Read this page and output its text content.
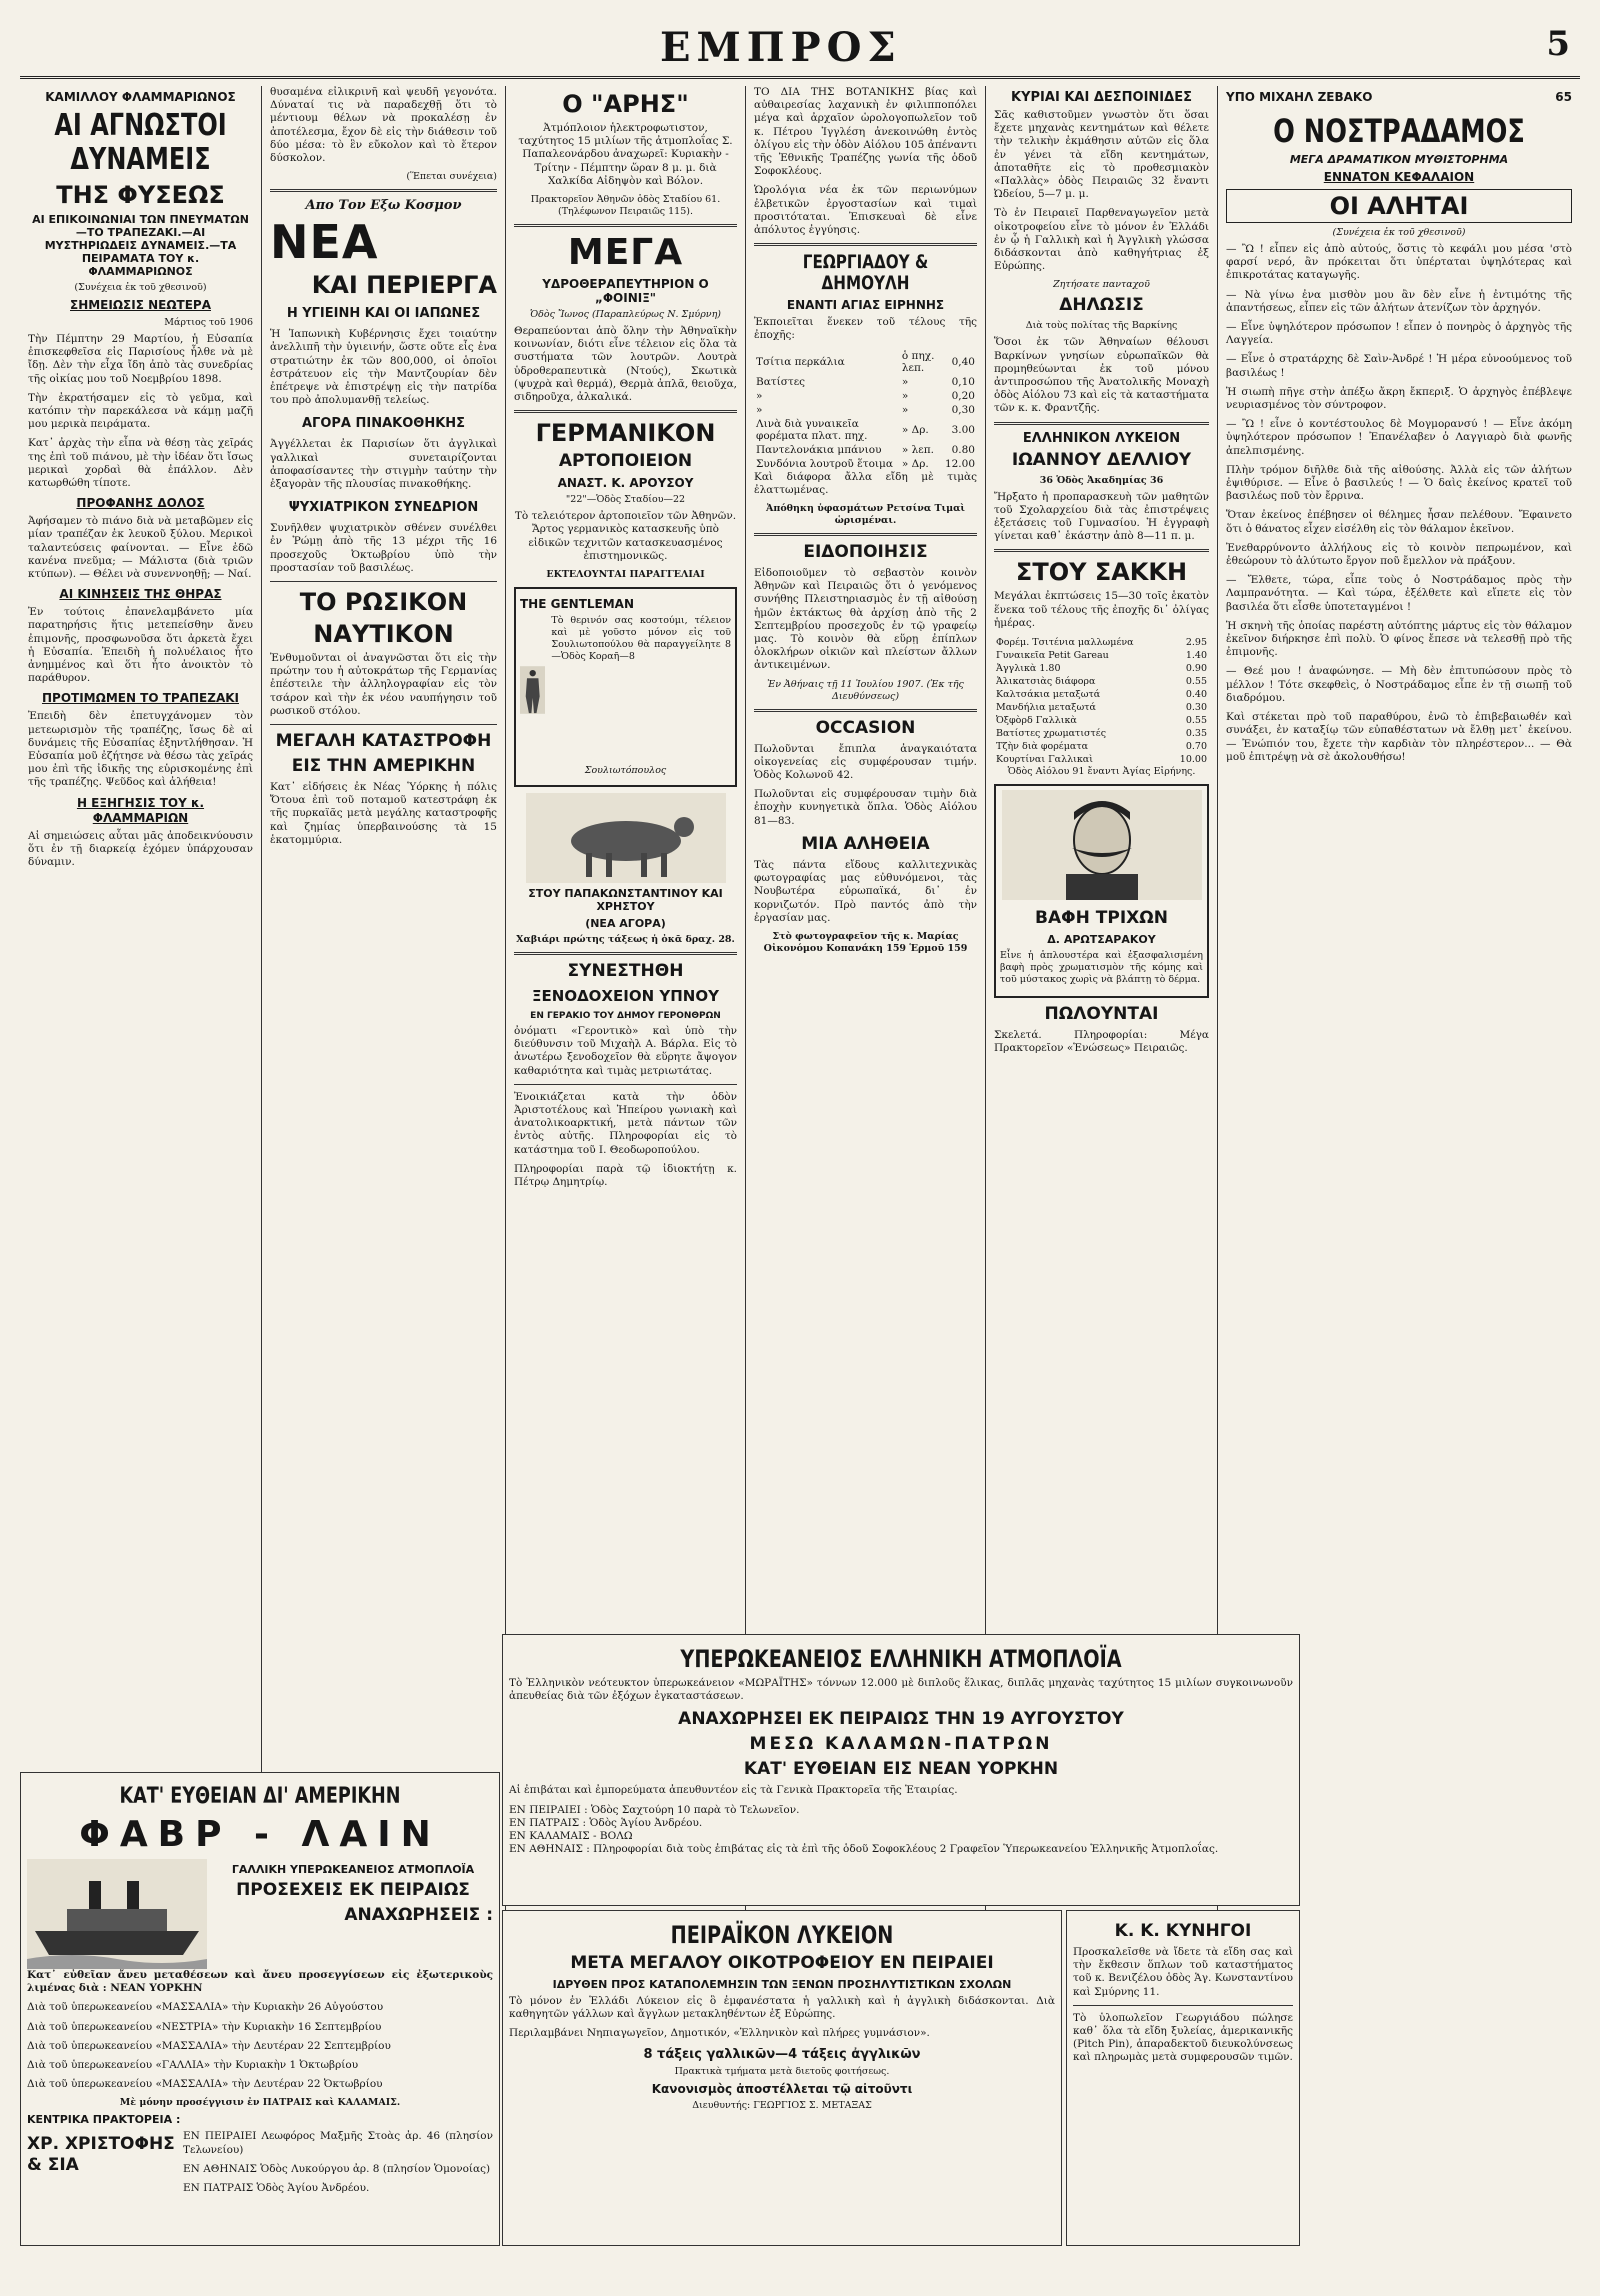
ΕΜΠΡΟΣ	5
ΚΑΜΙΛΛΟΥ ΦΛΑΜΜΑΡΙΩΝΟΣ
ΑΙ ΑΓΝΩΣΤΟΙ ΔΥΝΑΜΕΙΣ
ΤΗΣ ΦΥΣΕΩΣ
ΑΙ ΕΠΙΚΟΙΝΩΝΙΑΙ ΤΩΝ ΠΝΕΥΜΑΤΩΝ —ΤΟ ΤΡΑΠΕΖΑΚΙ.—ΑΙ ΜΥΣΤΗΡΙΩΔΕΙΣ ΔΥΝΑΜΕΙΣ.—ΤΑ ΠΕΙΡΑΜΑΤΑ ΤΟΥ κ. ΦΛΑΜΜΑΡΙΩΝΟΣ

(Συνέχεια ἐκ τοῦ χθεσινοῦ)

ΣΗΜΕΙΩΣΙΣ ΝΕΩΤΕΡΑ

Μάρτιος τοῦ 1906

Τὴν Πέμπτην 29 Μαρτίου, ἡ Εὐσαπία ἐπισκεφθεῖσα εἰς Παρισίους ἦλθε νὰ μὲ ἴδῃ. Δὲν τὴν εἶχα ἴδη ἀπὸ τὰς συνεδρίας τῆς οἰκίας μου τοῦ Νοεμβρίου 1898.

Τὴν ἐκρατήσαμεν εἰς τὸ γεῦμα, καὶ κατόπιν τὴν παρεκάλεσα νὰ κάμῃ μαζῆ μου μερικὰ πειράματα.

Κατ᾽ ἀρχὰς τὴν εἶπα νὰ θέσῃ τὰς χεῖράς της ἐπὶ τοῦ πιάνου, μὲ τὴν ἰδέαν ὅτι ἴσως μερικαὶ χορδαὶ θὰ ἐπάλλον. Δὲν κατωρθώθη τίποτε.

ΠΡΟΦΑΝΗΣ ΔΟΛΟΣ

Ἀφήσαμεν τὸ πιάνο διὰ νὰ μεταβῶμεν εἰς μίαν τραπέζαν ἐκ λευκοῦ ξύλου. Μερικοὶ ταλαντεύσεις φαίνονται. — Εἶνε ἐδῶ κανένα πνεῦμα; — Μάλιστα (διὰ τριῶν κτύπων). — Θέλει νὰ συνεννοηθῇ; — Ναί.

ΑΙ ΚΙΝΗΣΕΙΣ ΤΗΣ ΘΗΡΑΣ

Ἐν τούτοις ἐπανελαμβάνετο μία παρατηρήσις ἥτις μετεπείσθην ἄνευ ἐπιμονῆς, προσφωνοῦσα ὅτι ἀρκετὰ ἔχει ἡ Εὐσαπία. Ἐπειδὴ ἡ πολυέλαιος ἦτο ἀνημμένος καὶ ὅτι ἦτο ἀνοικτὸν τὸ παράθυρον.

ΠΡΟΤΙΜΩΜΕΝ ΤΟ ΤΡΑΠΕΖΑΚΙ

Ἐπειδὴ δὲν ἐπετυγχάνομεν τὸν μετεωρισμὸν τῆς τραπέζης, ἴσως δὲ αἱ δυνάμεις τῆς Εὐσαπίας ἐξηντλήθησαν. Ἡ Εὐσαπία μοῦ ἐζήτησε νὰ θέσω τὰς χεῖράς μου ἐπὶ τῆς ἰδικῆς της εὑρισκομένης ἐπὶ τῆς τραπέζης. Ψεῦδος καὶ ἀλήθεια!

Η ΕΞΗΓΗΣΙΣ ΤΟΥ κ. ΦΛΑΜΜΑΡΙΩΝ

Αἱ σημειώσεις αὗται μᾶς ἀποδεικνύουσιν ὅτι ἐν τῇ διαρκείᾳ ἐχόμεν ὑπάρχουσαν δύναμιν.

θυσαμένα εἰλικρινῆ καὶ ψευδῆ γεγονότα. Δύναταί τις νὰ παραδεχθῇ ὅτι τὸ μέντιουμ θέλων νὰ προκαλέσῃ ἐν ἀποτέλεσμα, ἔχον δὲ εἰς τὴν διάθεσιν τοῦ δύο μέσα: τὸ ἓν εὔκολον καὶ τὸ ἕτερον δύσκολον.

(Ἕπεται συνέχεια)

Απο Τον Εξω Κοσμον
ΝΕΑ
ΚΑΙ ΠΕΡΙΕΡΓΑ
Η ΥΓΙΕΙΝΗ ΚΑΙ ΟΙ ΙΑΠΩΝΕΣ

Ἡ Ἰαπωνικὴ Κυβέρνησις ἔχει τοιαύτην ἀνελλιπῆ τὴν ὑγιεινήν, ὥστε οὔτε εἷς ἐνα στρατιώτην ἐκ τῶν 800,000, οἱ ὁποῖοι ἐστράτευον εἰς τὴν Μαντζουρίαν δὲν ἐπέτρεψε νὰ ἐπιστρέψῃ εἰς τὴν πατρίδα του πρὸ ἀπολυμανθῇ τελείως.

ΑΓΟΡΑ ΠΙΝΑΚΟΘΗΚΗΣ

Ἀγγέλλεται ἐκ Παρισίων ὅτι ἀγγλικαὶ γαλλικαὶ συνεταιρίζονται ἀποφασίσαντες τὴν στιγμὴν ταύτην τὴν ἐξαγορὰν τῆς πλουσίας πινακοθήκης.

ΨΥΧΙΑΤΡΙΚΟΝ ΣΥΝΕΔΡΙΟΝ

Συνῆλθεν ψυχιατρικὸν σθένεν συνέλθει ἐν Ῥώμῃ ἀπὸ τῆς 13 μέχρι τῆς 16 προσεχοῦς Ὀκτωβρίου ὑπὸ τὴν προστασίαν τοῦ βασιλέως.

ΤΟ ΡΩΣΙΚΟΝ
ΝΑΥΤΙΚΟΝ

Ἐνθυμοῦνται οἱ ἀναγνῶσται ὅτι εἰς τὴν πρώτην του ἡ αὐτοκράτωρ τῆς Γερμανίας ἐπέστειλε τὴν ἀλληλογραφίαν εἰς τὸν τσάρον καὶ τὴν ἐκ νέου ναυπήγησιν τοῦ ρωσικοῦ στόλου.

ΜΕΓΑΛΗ ΚΑΤΑΣΤΡΟΦΗ
ΕΙΣ ΤΗΝ ΑΜΕΡΙΚΗΝ

Κατ᾽ εἰδήσεις ἐκ Νέας Ὑόρκης ἡ πόλις Ὄτουα ἐπὶ τοῦ ποταμοῦ κατεστράφη ἐκ τῆς πυρκαϊᾶς μετὰ μεγάλης καταστροφῆς καὶ ζημίας ὑπερβαινούσης τὰ 15 ἑκατομμύρια.

Ο "ΑΡΗΣ"

Ἀτμόπλοιον ἡλεκτροφωτιστον, ταχύτητος 15 μιλίων τῆς ἀτμοπλοΐας Σ. Παπαλεονάρδου ἀναχωρεῖ: Κυριακὴν - Τρίτην - Πέμπτην ὥραν 8 μ. μ. διὰ Χαλκίδα Αἰδηψὸν καὶ Βόλον.

Πρακτορεῖον Ἀθηνῶν ὁδὸς Σταδίου 61. (Τηλέφωνον Πειραιῶς 115).

ΜΕΓΑ
ΥΔΡΟΘΕΡΑΠΕΥΤΗΡΙΟΝ Ο „ΦΟΙΝΙΞ"

Ὁδὸς Ἴωνος (Παραπλεύρως Ν. Σμύρνη)

Θεραπεύονται ἀπὸ ὅλην τὴν Ἀθηναϊκὴν κοινωνίαν, διότι εἶνε τέλειον εἰς ὅλα τὰ συστήματα τῶν λουτρῶν. Λουτρὰ ὑδροθεραπευτικὰ (Ντούς), Σκωτικὰ (ψυχρὰ καὶ θερμά), Θερμὰ ἀπλᾶ, θειοῦχα, σιδηροῦχα, ἀλκαλικά.

ΓΕΡΜΑΝΙΚΟΝ
ΑΡΤΟΠΟΙΕΙΟΝ
ΑΝΑΣΤ. Κ. ΑΡΟΥΣΟΥ

"22"—Ὁδὸς Σταδίου—22

Τὸ τελειότερον ἀρτοποιεῖον τῶν Ἀθηνῶν. Ἄρτος γερμανικὸς κατασκευῆς ὑπὸ εἰδικῶν τεχνιτῶν κατασκευασμένος ἐπιστημονικῶς.

ΕΚΤΕΛΟΥΝΤΑΙ ΠΑΡΑΓΓΕΛΙΑΙ

THE GENTLEMAN

Τὸ θερινόν σας κοστούμι, τέλειον καὶ μὲ γοῦστο μόνον εἰς τοῦ Σουλιωτοπούλου θὰ παραγγείλητε 8—Ὁδὸς Κοραῆ—8

Σουλιωτόπουλος

ΣΤΟΥ ΠΑΠΑΚΩΝΣΤΑΝΤΙΝΟΥ ΚΑΙ ΧΡΗΣΤΟΥ
(ΝΕΑ ΑΓΟΡΑ)

Χαβιάρι πρώτης τάξεως ἡ ὀκᾶ δραχ. 28.

ΣΥΝΕΣΤΗΘΗ
ΞΕΝΟΔΟΧΕΙΟΝ ΥΠΝΟΥ
ΕΝ ΓΕΡΑΚΙΟ ΤΟΥ ΔΗΜΟΥ ΓΕΡΟΝΘΡΩΝ

ὀνόματι «Γεροντικὸ» καὶ ὑπὸ τὴν διεύθυνσιν τοῦ Μιχαὴλ Α. Βάρλα. Εἰς τὸ ἀνωτέρω ξενοδοχεῖον θὰ εὕρητε ἄψογον καθαριότητα καὶ τιμὰς μετριωτάτας.

Ἐνοικιάζεται κατὰ τὴν ὁδὸν Ἀριστοτέλους καὶ Ἠπείρου γωνιακὴ καὶ ἀνατολικοαρκτική, μετὰ πάντων τῶν ἐντὸς αὐτῆς. Πληροφορίαι εἰς τὸ κατάστημα τοῦ Ι. Θεοδωροπούλου.

Πληροφορίαι παρὰ τῷ ἰδιοκτήτῃ κ. Πέτρῳ Δημητρίῳ.

ΤΟ ΔΙΑ ΤΗΣ ΒΟΤΑΝΙΚΗΣ βίας καὶ αὐθαιρεσίας λαχανικὴ ἐν φιλιπποπόλει μέγα καὶ ἀρχαῖον ὡρολογοπωλεῖον τοῦ κ. Πέτρου Ἰγγλέση ἀνεκοινώθη ἐντὸς ὀλίγου εἰς τὴν ὁδὸν Αἰόλου 105 ἀπέναντι τῆς Ἐθνικῆς Τραπέζης γωνία τῆς ὁδοῦ Σοφοκλέους.

Ὡρολόγια νέα ἐκ τῶν περιωνύμων ἐλβετικῶν ἐργοστασίων καὶ τιμαὶ προσιτόταται. Ἐπισκευαὶ δὲ εἶνε ἀπόλυτος ἐγγύησις.

ΓΕΩΡΓΙΑΔΟΥ & ΔΗΜΟΥΛΗ
ΕΝΑΝΤΙ ΑΓΙΑΣ ΕΙΡΗΝΗΣ

Ἐκποιεῖται ἕνεκεν τοῦ τέλους τῆς ἐποχῆς:

Τσίτια περκάλια	ὁ πηχ. λεπ.	0,40
Βατίστες	»	0,10
»	»	0,20
»	»	0,30
Λινὰ διὰ γυναικεῖα φορέματα πλατ. πηχ.	» Δρ.	3.00
Παντελονάκια μπάνιου	» λεπ.	0.80
Συνδόνια λουτροῦ ἕτοιμα	» Δρ.	12.00

Καὶ διάφορα ἄλλα εἴδη μὲ τιμὰς ἐλαττωμένας.

Ἀπόθηκη ὑφασμάτων Ρετσίνα Τιμαὶ ὡρισμέναι.

ΕΙΔΟΠΟΙΗΣΙΣ

Εἰδοποιοῦμεν τὸ σεβαστὸν κοινὸν Ἀθηνῶν καὶ Πειραιῶς ὅτι ὁ γενόμενος συνήθης Πλειστηριασμὸς ἐν τῇ αἰθούσῃ ἡμῶν ἐκτάκτως θὰ ἀρχίσῃ ἀπὸ τῆς 2 Σεπτεμβρίου προσεχοῦς ἐν τῷ γραφείῳ μας. Τὸ κοινὸν θὰ εὕρῃ ἐπίπλων ὁλοκλήρων οἰκιῶν καὶ πλείστων ἄλλων ἀντικειμένων.

Ἐν Ἀθήναις τῇ 11 Ἰουλίου 1907. (Ἐκ τῆς Διευθύνσεως)

OCCASION

Πωλοῦνται ἔπιπλα ἀναγκαιότατα οἰκογενείας εἰς συμφέρουσαν τιμήν. Ὁδὸς Κολωνοῦ 42.

Πωλοῦνται εἰς συμφέρουσαν τιμὴν διὰ ἐποχὴν κυνηγετικὰ ὅπλα. Ὁδὸς Αἰόλου 81—83.

ΜΙΑ ΑΛΗΘΕΙΑ

Τὰς πάντα εἴδους καλλιτεχνικὰς φωτογραφίας μας εὐθυνόμενοι, τὰς Νουβωτέρα εὐρωπαϊκά, δι᾽ ἐν κορνιζωτόν. Πρὸ παντός ἀπὸ τὴν ἐργασίαν μας.

Στὸ φωτογραφεῖον τῆς κ. Μαρίας Οἰκονόμου Κοπανάκη 159 Ἑρμοῦ 159

ΚΥΡΙΑΙ ΚΑΙ ΔΕΣΠΟΙΝΙΔΕΣ

Σᾶς καθιστοῦμεν γνωστὸν ὅτι ὅσαι ἔχετε μηχανὰς κεντημάτων καὶ θέλετε τὴν τελικὴν ἐκμάθησιν αὐτῶν εἰς ὅλα ἐν γένει τὰ εἴδη κεντημάτων, ἀποταθῆτε εἰς τὸ προθεσμιακὸν «Παλλὰς» ὁδὸς Πειραιῶς 32 ἔναντι Ὠδείου, 5—7 μ. μ.

Τὸ ἐν Πειραιεῖ Παρθεναγωγεῖον μετὰ οἰκοτροφείου εἶνε τὸ μόνον ἐν Ἑλλάδι ἐν ᾧ ἡ Γαλλικὴ καὶ ἡ Ἀγγλικὴ γλώσσα διδάσκονται ἀπὸ καθηγήτριας ἐξ Εὐρώπης.

Ζητήσατε πανταχοῦ

ΔΗΛΩΣΙΣ

Διὰ τοὺς πολίτας τῆς Βαρκίνης

Ὅσοι ἐκ τῶν Ἀθηναίων θέλουσι Βαρκίνων γνησίων εὐρωπαϊκῶν θὰ προμηθεύωνται ἐκ τοῦ μόνου ἀντιπροσώπου τῆς Ἀνατολικῆς Μοναχὴ ὁδὸς Αἰόλου 73 καὶ εἰς τὰ καταστήματα τῶν κ. κ. Φραντζῆς.

ΕΛΛΗΝΙΚΟΝ ΛΥΚΕΙΟΝ
ΙΩΑΝΝΟΥ ΔΕΛΛΙΟΥ

36 Ὁδὸς Ἀκαδημίας 36

Ἤρξατο ἡ προπαρασκευὴ τῶν μαθητῶν τοῦ Σχολαρχείου διὰ τὰς ἐπιστρέψεις ἐξετάσεις τοῦ Γυμνασίου. Ἡ ἐγγραφὴ γίνεται καθ᾽ ἑκάστην ἀπὸ 8—11 π. μ.

ΣΤΟΥ ΣΑΚΚΗ

Μεγάλαι ἐκπτώσεις 15—30 τοῖς ἑκατὸν ἕνεκα τοῦ τέλους τῆς ἐποχῆς δι᾽ ὀλίγας ἡμέρας.

Φορέμ. Τσιτένια μαλλωμένα	2.95
Γυναικεῖα Petit Gareau	1.40
Ἀγγλικὰ 1.80	0.90
Ἀλικατσιὰς διάφορα	0.55
Καλτσάκια μεταξωτά	0.40
Μανδήλια μεταξωτά	0.30
Ὀξφὸρδ Γαλλικὰ	0.55
Βατίστες χρωματιστές	0.35
Τζὴν διὰ φορέματα	0.70
Κουρτίναι Γαλλικαὶ	10.00

Ὁδὸς Αἰόλου 91 ἔναντι Ἀγίας Εἰρήνης.

ΒΑΦΗ ΤΡΙΧΩΝ
Δ. ΑΡΩΤΣΑΡΑΚΟΥ

Εἶνε ἡ ἁπλουστέρα καὶ ἐξασφαλισμένη βαφὴ πρὸς χρωματισμὸν τῆς κόμης καὶ τοῦ μύστακος χωρὶς νὰ βλάπτῃ τὸ δέρμα.

ΠΩΛΟΥΝΤΑΙ

Σκελετά. Πληροφορίαι: Μέγα Πρακτορεῖον «Ἑνώσεως» Πειραιῶς.

ΥΠΟ ΜΙΧΑΗΛ ΖΕΒΑΚΟ	65
Ο ΝΟΣΤΡΑΔΑΜΟΣ
ΜΕΓΑ ΔΡΑΜΑΤΙΚΟΝ ΜΥΘΙΣΤΟΡΗΜΑ
ΕΝΝΑΤΟΝ ΚΕΦΑΛΑΙΟΝ
ΟΙ ΑΛΗΤΑΙ

(Συνέχεια ἐκ τοῦ χθεσινοῦ)

— Ὢ ! εἶπεν εἰς ἀπὸ αὐτούς, ὅστις τὸ κεφάλι μου μέσα 'στὸ φαρσί νερό, ἂν πρόκειται ὅτι ὑπέρταται ὑψηλότερας καὶ ἐπικροτάτας καταγωγῆς.

— Νὰ γίνω ἐνα μισθὸν μου ἂν δὲν εἶνε ἡ ἐντιμότης τῆς ἀπαντήσεως, εἶπεν εἰς τῶν ἀλήτων ἀτενίζων τὸν ἀρχηγόν.

— Εἶνε ὑψηλότερον πρόσωπον ! εἶπεν ὁ πονηρὸς ὁ ἀρχηγὸς τῆς Λαγγεία.

— Εἶνε ὁ στρατάρχης δὲ Σαὶν-Ἀνδρέ ! Ἡ μέρα εὐνοούμενος τοῦ βασιλέως !

Ἡ σιωπὴ πῆγε στὴν ἀπέξω ἄκρη ἔκπεριξ. Ὁ ἀρχηγὸς ἐπέβλεψε νευριασμένος τὸν σύντροφον.

— Ὢ ! εἶνε ὁ κοντέστουλος δὲ Μογμορανσύ ! — Εἶνε ἀκόμη ὑψηλότερον πρόσωπον ! Ἐπανέλαβεν ὁ Λαγγιαρὸ διὰ φωνῆς ἀπελπισμένης.

Πλὴν τρόμον διῆλθε διὰ τῆς αἰθούσης. Ἀλλὰ εἰς τῶν ἀλήτων ἐψιθύρισε. — Εἶνε ὁ βασιλεύς ! — Ὁ δαὶς ἐκείνος κρατεῖ τοῦ βασιλέως ποῦ τὸν ἔρρινα.

Ὅταν ἐκείνος ἐπέβησεν οἱ θέλημες ἦσαν πελέθουν. Ἔφαινετο ὅτι ὁ θάνατος εἶχεν εἰσέλθη εἰς τὸν θάλαμον ἐκεῖνον.

Ἐνεθαρρύνοντο ἀλλήλους εἰς τὸ κοινὸν πεπρωμένον, καὶ ἐθεώρουν τὸ ἀλύτωτο ἔργον ποῦ ἔμελλον νὰ πράξουν.

— Ἔλθετε, τώρα, εἶπε τοὺς ὁ Νοστράδαμος πρὸς τὴν Λαμπρανότητα. — Καὶ τώρα, ἐξέλθετε καὶ εἴπετε εἰς τὸν βασιλέα ὅτι εἶσθε ὑποτεταγμένοι !

Ἡ σκηνὴ τῆς ὁποίας παρέστη αὐτόπτης μάρτυς εἰς τὸν θάλαμον ἐκεῖνον διήρκησε ἐπὶ πολὺ. Ὁ φίνος ἔπεσε νὰ τελεσθῇ πρὸ τῆς ἐπιμονῆς.

— Θεέ μου ! ἀναφώνησε. — Μὴ δὲν ἐπιτυπώσουν πρὸς τὸ μέλλον ! Τότε σκεφθεὶς, ὁ Νοστράδαμος εἶπε ἐν τῇ σιωπῇ τοῦ διαδρόμου.

Καὶ στέκεται πρὸ τοῦ παραθύρου, ἐνῶ τὸ ἐπιβεβαιωθέν καὶ συνάξει, ἐν καταξίῳ τῶν εὐπαθέστατων νὰ ἔλθῃ μετ᾽ ἐκείνου. — Ἐνώπιόν του, ἔχετε τὴν καρδιὰν τὸν πληρέστερον... — Θὰ μοῦ ἐπιτρέψῃ νὰ σὲ ἀκολουθήσω!

ΚΑΤ' ΕΥΘΕΙΑΝ ΔΙ' ΑΜΕΡΙΚΗΝ
ΦΑΒΡ - ΛΑΙΝ
ΓΑΛΛΙΚΗ ΥΠΕΡΩΚΕΑΝΕΙΟΣ ΑΤΜΟΠΛΟΪΑ
ΠΡΟΣΕΧΕΙΣ ΕΚ ΠΕΙΡΑΙΩΣ
ΑΝΑΧΩΡΗΣΕΙΣ :

Κατ᾽ εὐθεῖαν ἄνευ μεταθέσεων καὶ ἄνευ προσεγγίσεων εἰς ἐξωτερικοὺς λιμένας διὰ : ΝΕΑΝ ΥΟΡΚΗΝ

Διὰ τοῦ ὑπερωκεανείου «ΜΑΣΣΑΛΙΑ» τὴν Κυριακὴν 26 Αὐγούστου

Διὰ τοῦ ὑπερωκεανείου «ΝΕΣΤΡΙΑ» τὴν Κυριακὴν 16 Σεπτεμβρίου

Διὰ τοῦ ὑπερωκεανείου «ΜΑΣΣΑΛΙΑ» τὴν Δευτέραν 22 Σεπτεμβρίου

Διὰ τοῦ ὑπερωκεανείου «ΓΑΛΛΙΑ» τὴν Κυριακὴν 1 Ὀκτωβρίου

Διὰ τοῦ ὑπερωκεανείου «ΜΑΣΣΑΛΙΑ» τὴν Δευτέραν 22 Ὀκτωβρίου

Μὲ μόνην προσέγγισιν ἐν ΠΑΤΡΑΙΣ καὶ ΚΑΛΑΜΑΙΣ.

ΚΕΝΤΡΙΚΑ ΠΡΑΚΤΟΡΕΙΑ :
ΧΡ. ΧΡΙΣΤΟΦΗΣ & ΣΙΑ

ΕΝ ΠΕΙΡΑΙΕΙ Λεωφόρος Μαξμῆς Στοὰς ἀρ. 46 (πλησίον Τελωνείου)

ΕΝ ΑΘΗΝΑΙΣ Ὁδὸς Λυκούργου ἀρ. 8 (πλησίον Ὁμονοίας)

ΕΝ ΠΑΤΡΑΙΣ Ὁδὸς Ἁγίου Ἀνδρέου.

ΥΠΕΡΩΚΕΑΝΕΙΟΣ ΕΛΛΗΝΙΚΗ ΑΤΜΟΠΛΟΪΑ

Τὸ Ἑλληνικὸν νεότευκτον ὑπερωκεάνειον «ΜΩΡΑΪΤΗΣ» τόννων 12.000 μὲ διπλοῦς ἕλικας, διπλᾶς μηχανὰς ταχύτητος 15 μιλίων συγκοινωνοῦν ἀπευθείας διὰ τῶν ἐξόχων ἐγκαταστάσεων.

ΑΝΑΧΩΡΗΣΕΙ ΕΚ ΠΕΙΡΑΙΩΣ ΤΗΝ 19 ΑΥΓΟΥΣΤΟΥ
ΜΕΣΩ ΚΑΛΑΜΩΝ-ΠΑΤΡΩΝ
ΚΑΤ' ΕΥΘΕΙΑΝ ΕΙΣ ΝΕΑΝ ΥΟΡΚΗΝ

Αἱ ἐπιβάται καὶ ἐμπορεύματα ἀπευθυντέον εἰς τὰ Γενικὰ Πρακτορεῖα τῆς Ἑταιρίας.

ΕΝ ΠΕΙΡΑΙΕΙ : Ὁδὸς Σαχτούρη 10 παρὰ τὸ Τελωνεῖον.

ΕΝ ΠΑΤΡΑΙΣ : Ὁδὸς Ἁγίου Ἀνδρέου.

ΕΝ ΚΑΛΑΜΑΙΣ - ΒΟΛΩ

ΕΝ ΑΘΗΝΑΙΣ : Πληροφορίαι διὰ τοὺς ἐπιβάτας εἰς τὰ ἐπὶ τῆς ὁδοῦ Σοφοκλέους 2 Γραφεῖον Ὑπερωκεανείου Ἑλληνικῆς Ἀτμοπλοΐας.

ΠΕΙΡΑΪΚΟΝ ΛΥΚΕΙΟΝ
ΜΕΤΑ ΜΕΓΑΛΟΥ ΟΙΚΟΤΡΟΦΕΙΟΥ ΕΝ ΠΕΙΡΑΙΕΙ
ΙΔΡΥΘΕΝ ΠΡΟΣ ΚΑΤΑΠΟΛΕΜΗΣΙΝ ΤΩΝ ΞΕΝΩΝ ΠΡΟΣΗΛΥΤΙΣΤΙΚΩΝ ΣΧΟΛΩΝ

Τὸ μόνον ἐν Ἑλλάδι Λύκειον εἰς ὃ ἐμφανέστατα ἡ γαλλικὴ καὶ ἡ ἀγγλικὴ διδάσκονται. Διὰ καθηγητῶν γάλλων καὶ ἄγγλων μετακληθέντων ἐξ Εὐρώπης.

Περιλαμβάνει Νηπιαγωγεῖον, Δημοτικόν, «Ἑλληνικὸν καὶ πλήρες γυμνάσιον».

8 τάξεις γαλλικῶν—4 τάξεις ἀγγλικῶν

Πρακτικὰ τμήματα μετὰ διετοῦς φοιτήσεως.

Κανονισμὸς ἀποστέλλεται τῷ αἰτοῦντι

Διευθυντής: ΓΕΩΡΓΙΟΣ Σ. ΜΕΤΑΞΑΣ

Κ. Κ. ΚΥΝΗΓΟΙ

Προσκαλεῖσθε νὰ ἴδετε τὰ εἴδη σας καὶ τὴν ἔκθεσιν ὅπλων τοῦ καταστήματος τοῦ κ. Βενιζέλου ὁδὸς Ἁγ. Κωνσταντίνου καὶ Σμύρνης 11.

Τὸ ὑλοπωλεῖον Γεωργιάδου πώλησε καθ᾽ ὅλα τὰ εἴδη ξυλείας, ἀμερικανικῆς (Pitch Pin), ἀπαραδεκτοῦ διευκολύνσεως καὶ πληρωμὰς μετὰ συμφερουσῶν τιμῶν.
